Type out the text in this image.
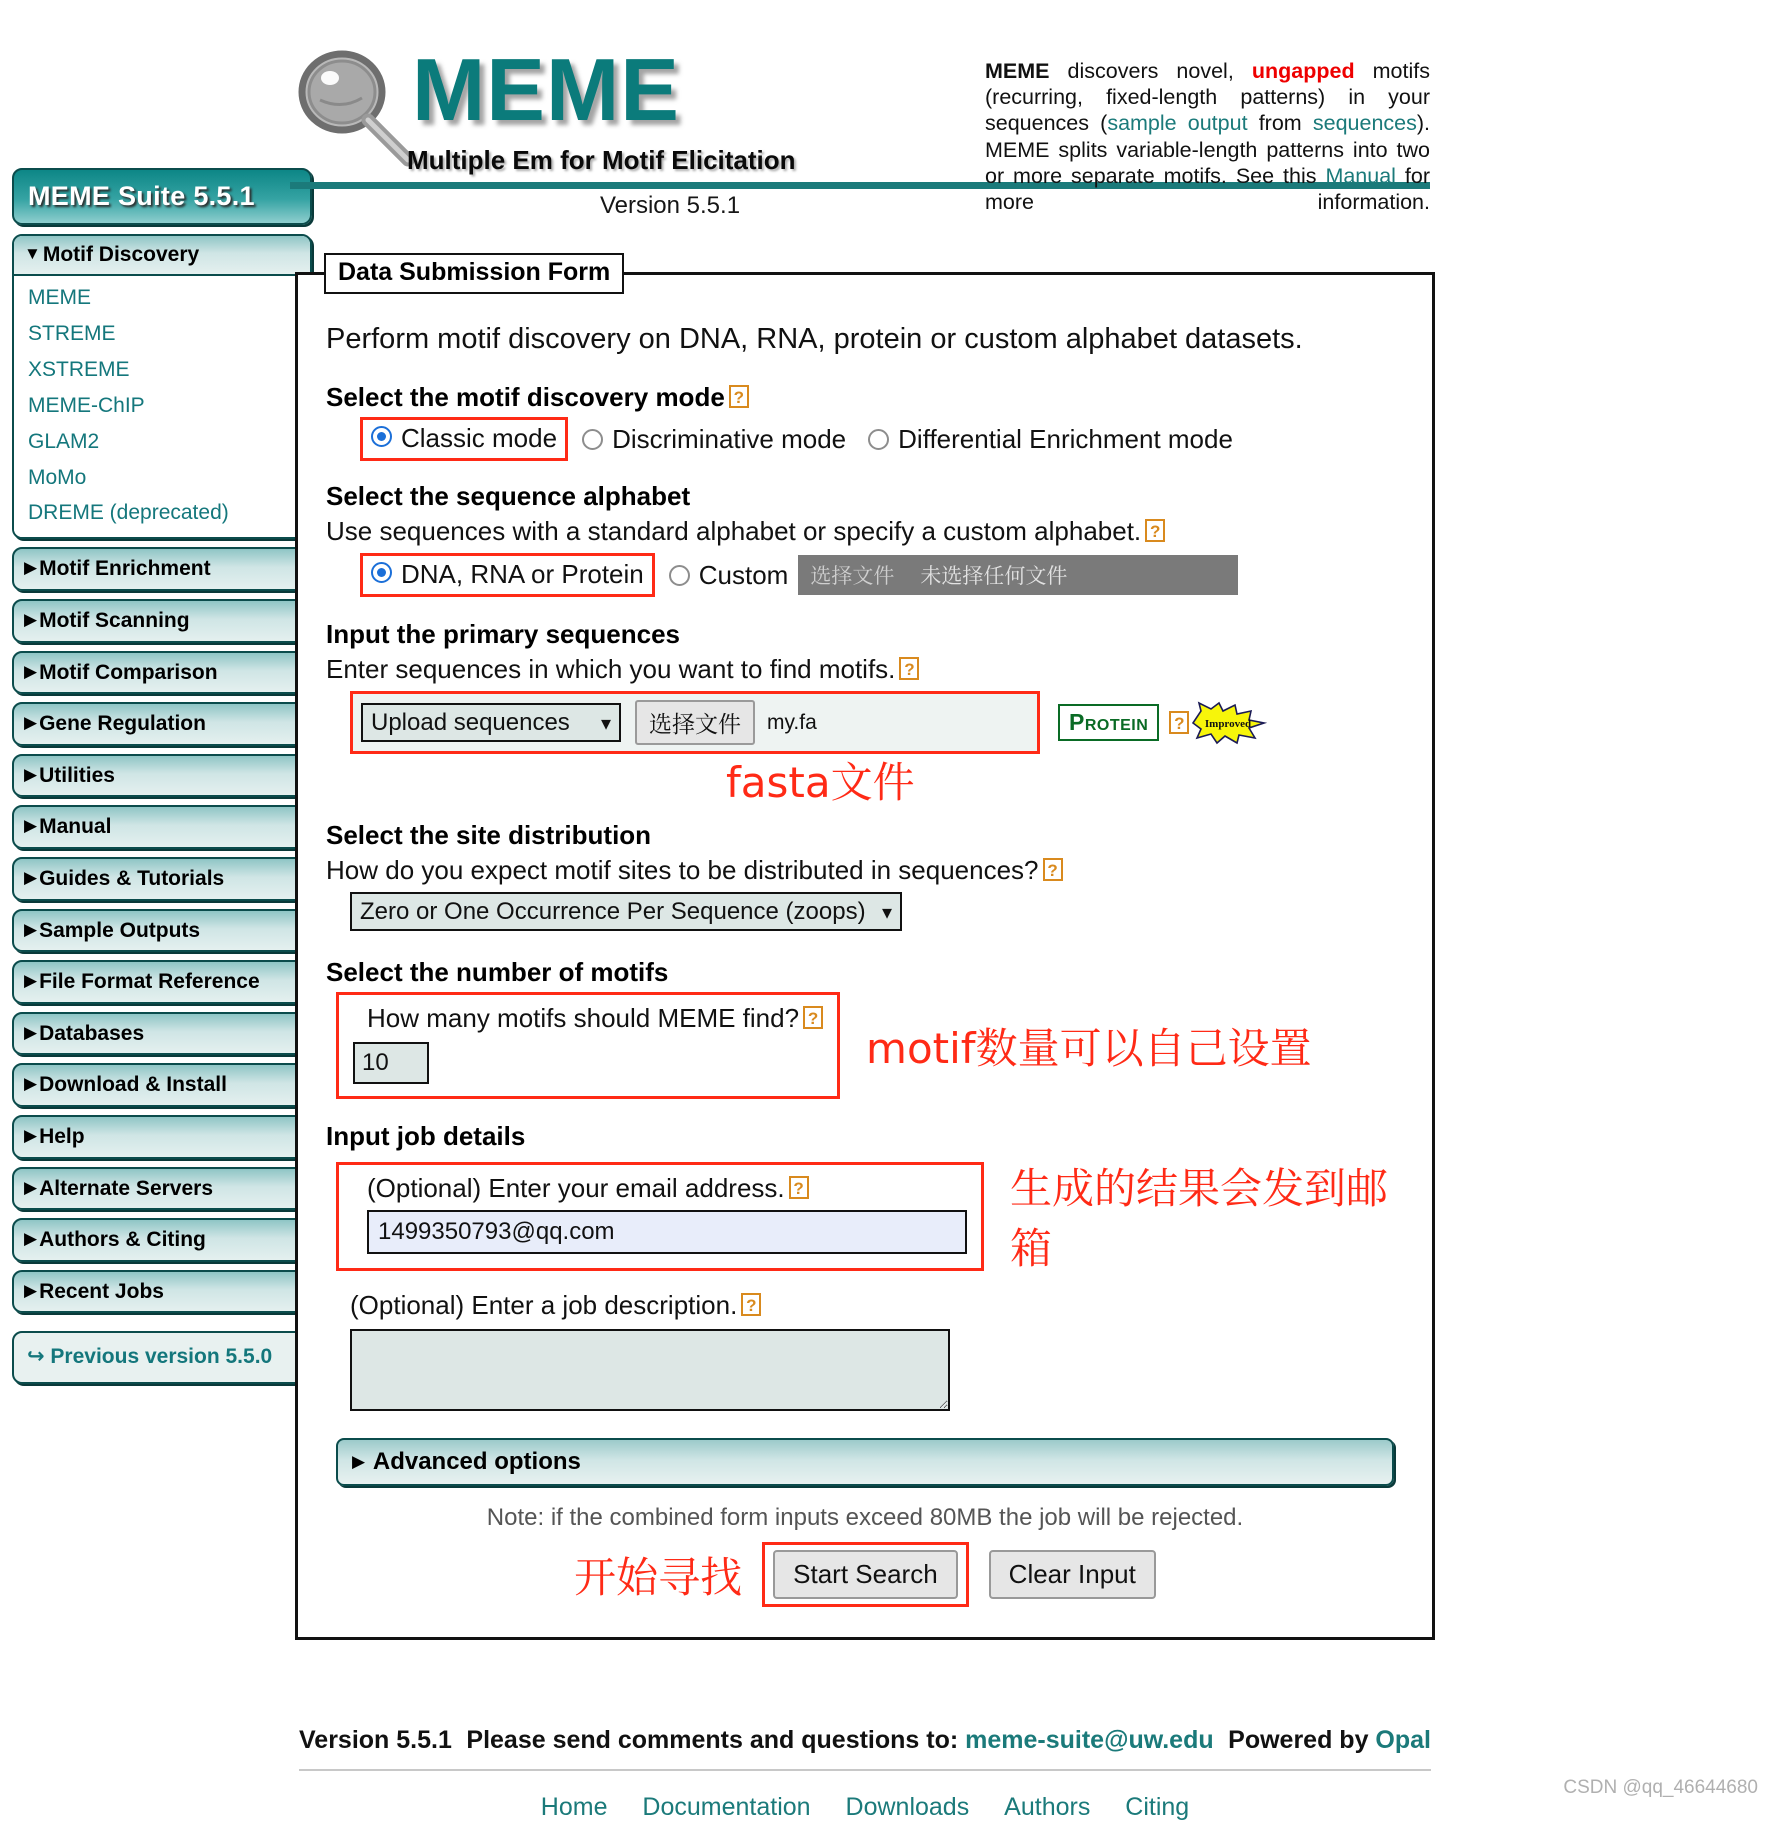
MEME Suite 5.5.1
▼Motif Discovery
MEME
STREME
XSTREME
MEME-ChIP
GLAM2
MoMo
DREME (deprecated)
▶Motif Enrichment
▶Motif Scanning
▶Motif Comparison
▶Gene Regulation
▶Utilities
▶Manual
▶Guides & Tutorials
▶Sample Outputs
▶File Format Reference
▶Databases
▶Download & Install
▶Help
▶Alternate Servers
▶Authors & Citing
▶Recent Jobs
↪ Previous version 5.5.0
MEME
Multiple Em for Motif Elicitation
Version 5.5.1
MEME discovers novel, ungapped motifs (recurring, fixed-length patterns) in your sequences (sample output from sequences). MEME splits variable-length patterns into two or more separate motifs. See this Manual for more information.
Data Submission Form
Perform motif discovery on DNA, RNA, protein or custom alphabet datasets.
Select the motif discovery mode ?
Classic mode	Discriminative mode Differential Enrichment mode
Select the sequence alphabet
Use sequences with a standard alphabet or specify a custom alphabet. ?
DNA, RNA or Protein	Custom	选择文件	未选择任何文件
Input the primary sequences
Enter sequences in which you want to find motifs. ?
Upload sequences ▾
选择文件	my.fa	Protein	?	Improved
fasta文件
Select the site distribution
How do you expect motif sites to be distributed in sequences? ?
Zero or One Occurrence Per Sequence (zoops) ▾
Select the number of motifs
How many motifs should MEME find? ?
10
motif数量可以自己设置
Input job details
(Optional) Enter your email address. ?
1499350793@qq.com	生成的结果会发到邮箱
(Optional) Enter a job description. ?
▶ Advanced options
Note: if the combined form inputs exceed 80MB the job will be rejected.
开始寻找	Start Search	Clear Input
Version 5.5.1 Please send comments and questions to: meme-suite@uw.edu Powered by Opal
Home Documentation Downloads Authors Citing
CSDN @qq_46644680
